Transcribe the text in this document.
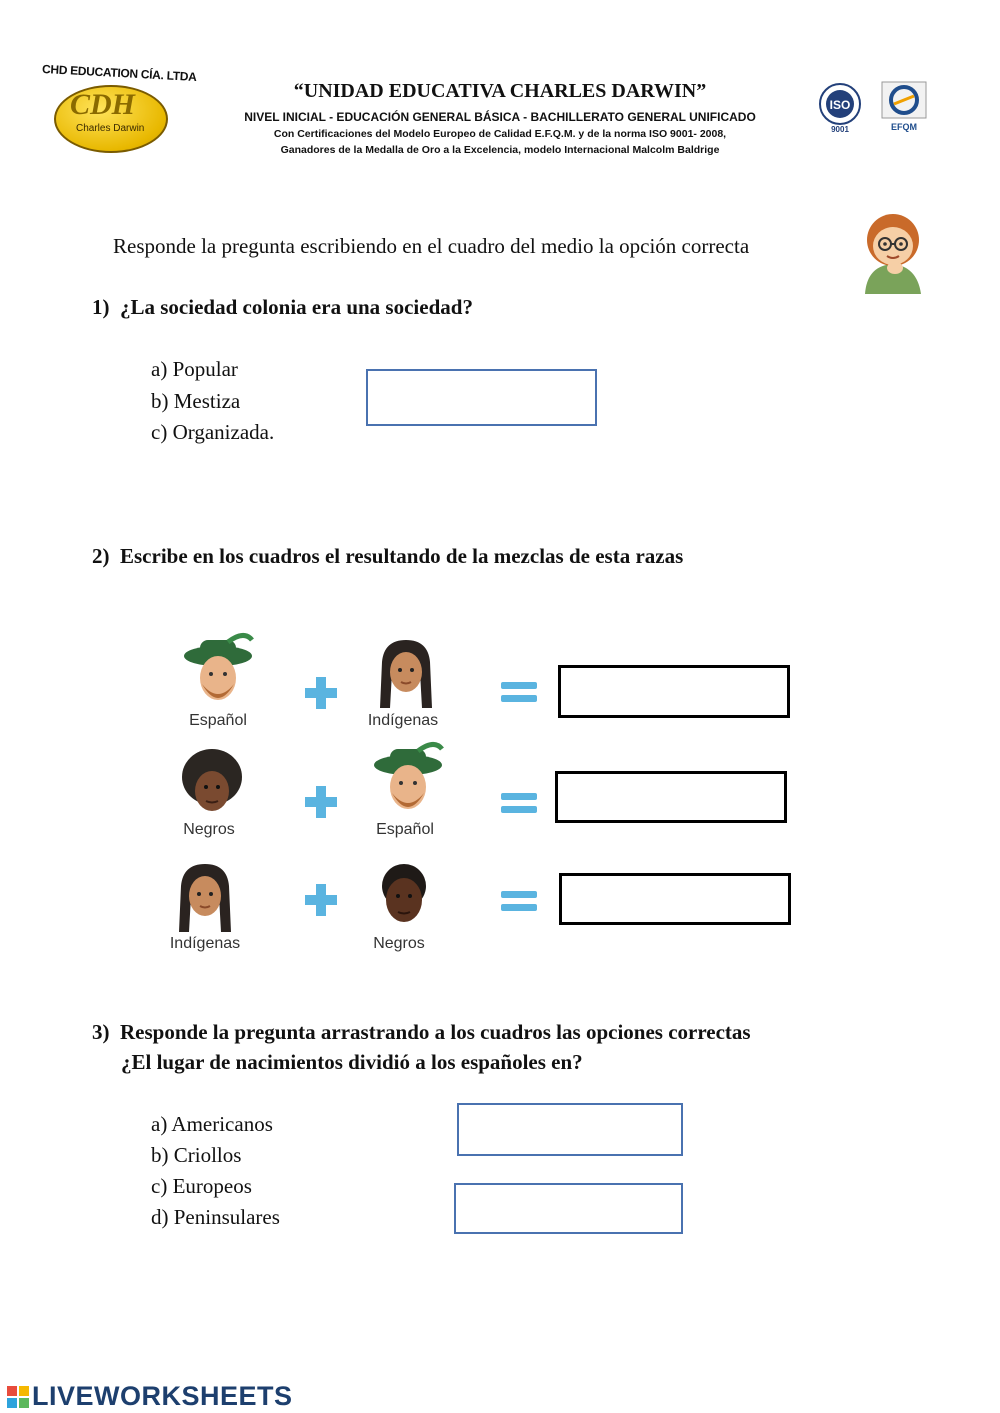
CHD EDUCATION CÍA. LTDA
CDH
Charles Darwin
“UNIDAD EDUCATIVA CHARLES DARWIN”
NIVEL INICIAL - EDUCACIÓN GENERAL BÁSICA - BACHILLERATO GENERAL UNIFICADO
Con Certificaciones del Modelo Europeo de Calidad E.F.Q.M. y de la norma ISO 9001- 2008,
Ganadores de la Medalla de Oro a la Excelencia, modelo Internacional Malcolm Baldrige
ISO
9001	EFQM
Responde la pregunta escribiendo en el cuadro del medio la opción correcta
1) ¿La sociedad colonia era una sociedad?
a) Popular
b) Mestiza
c) Organizada.
2) Escribe en los cuadros el resultando de la mezclas de esta razas
Español	Indígenas
Negros	Español
Indígenas	Negros
3) Responde la pregunta arrastrando a los cuadros las opciones correctas
¿El lugar de nacimientos dividió a los españoles en?
a) Americanos
b) Criollos
c) Europeos
d) Peninsulares
LIVEWORKSHEETS
